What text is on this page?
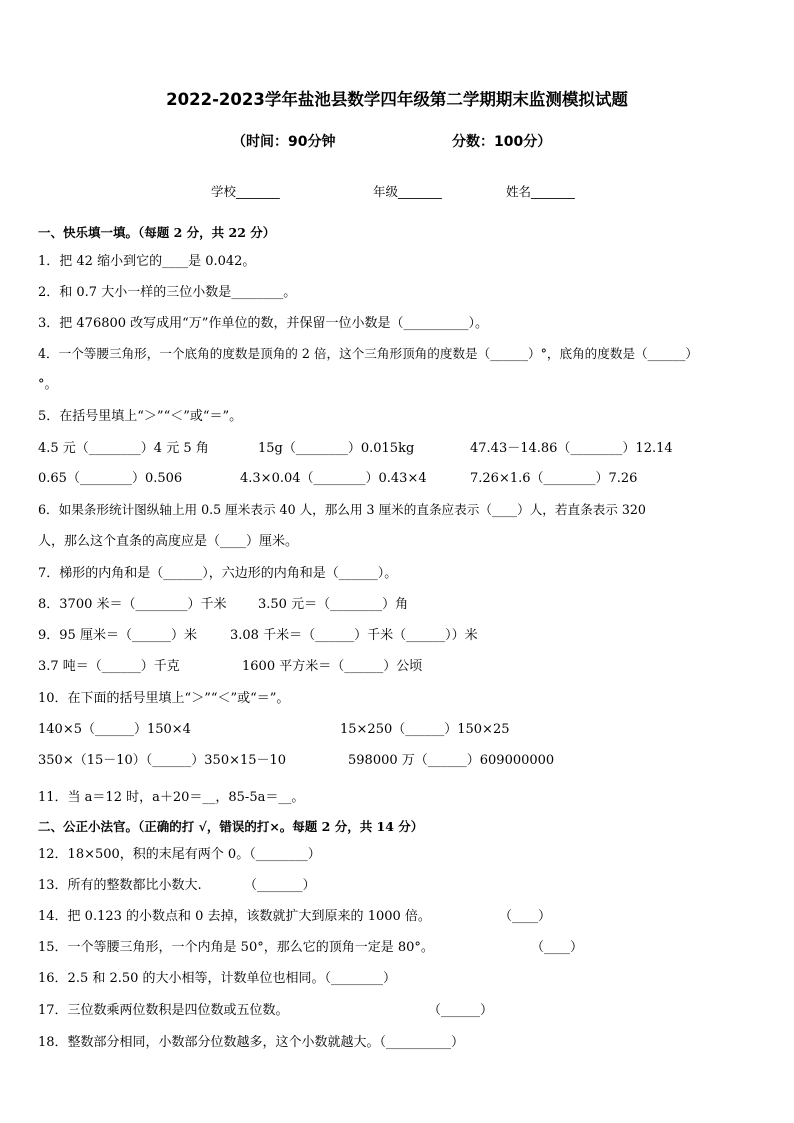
2022-2023学年盐池县数学四年级第二学期期末监测模拟试题
（时间：90分钟	分数：100分）
学校_______	年级_______	姓名_______
一、快乐填一填。（每题 2 分，共 22 分）
1．把 42 缩小到它的____是 0.042。
2．和 0.7 大小一样的三位小数是________。
3．把 476800 改写成用“万”作单位的数，并保留一位小数是（__________）。
4．一个等腰三角形，一个底角的度数是顶角的 2 倍，这个三角形顶角的度数是（______）°，底角的度数是（______）
°。
5．在括号里填上“＞”“＜”或“＝”。
4.5 元（________）4 元 5 角	15g（________）0.015kg	47.43－14.86（________）12.14
0.65（________）0.506	4.3×0.04（________）0.43×4	7.26×1.6（________）7.26
6．如果条形统计图纵轴上用 0.5 厘米表示 40 人，那么用 3 厘米的直条应表示（____）人，若直条表示 320
人，那么这个直条的高度应是（____）厘米。
7．梯形的内角和是（______），六边形的内角和是（______）。
8．3700 米＝（________）千米 3.50 元＝（________）角
9．95 厘米＝（______）米	3.08 千米＝（______）千米（______））米
3.7 吨＝（______）千克	1600 平方米＝（______）公顷
10．在下面的括号里填上“＞”“＜”或“＝”。
140×5（______）150×4	15×250（______）150×25
350×（15－10）（______）350×15－10	598000 万（______）609000000
11．当 a＝12 时，a＋20＝__，85-5a＝__。
二、公正小法官。（正确的打 √，错误的打×。每题 2 分，共 14 分）
12．18×500，积的末尾有两个 0。（________）
13．所有的整数都比小数大.	（_______）
14．把 0.123 的小数点和 0 去掉，该数就扩大到原来的 1000 倍。	（____）
15．一个等腰三角形，一个内角是 50°，那么它的顶角一定是 80°。	（____）
16．2.5 和 2.50 的大小相等，计数单位也相同。（________）
17．三位数乘两位数积是四位数或五位数。	（______）
18．整数部分相同，小数部分位数越多，这个小数就越大。（__________）
